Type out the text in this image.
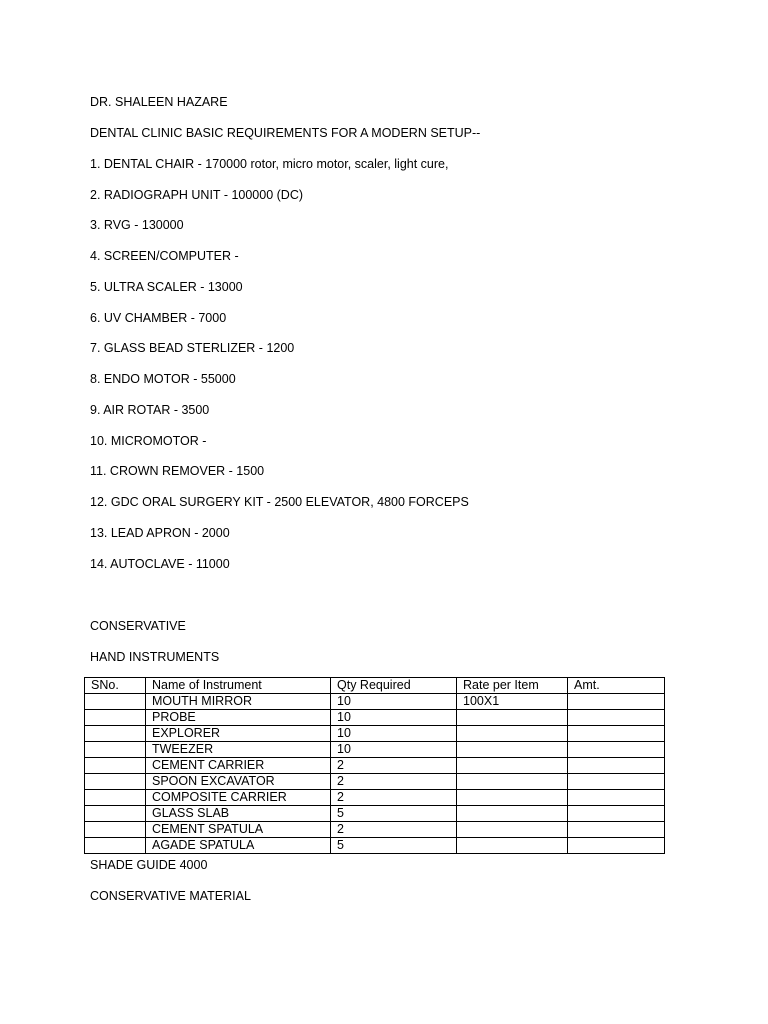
DR. SHALEEN HAZARE
DENTAL CLINIC BASIC REQUIREMENTS FOR A MODERN SETUP--
1. DENTAL CHAIR - 170000 rotor, micro motor, scaler, light cure,
2. RADIOGRAPH UNIT - 100000 (DC)
3. RVG - 130000
4. SCREEN/COMPUTER -
5. ULTRA SCALER - 13000
6. UV CHAMBER - 7000
7. GLASS BEAD STERLIZER - 1200
8. ENDO MOTOR - 55000
9. AIR ROTAR - 3500
10. MICROMOTOR -
11. CROWN REMOVER - 1500
12. GDC ORAL SURGERY KIT - 2500 ELEVATOR, 4800 FORCEPS
13. LEAD APRON - 2000
14. AUTOCLAVE - 11000
CONSERVATIVE
HAND INSTRUMENTS
SNo.	Name of Instrument	Qty Required	Rate per Item	Amt.
	MOUTH MIRROR	10	100X1	
	PROBE	10		
	EXPLORER	10		
	TWEEZER	10		
	CEMENT CARRIER	2		
	SPOON EXCAVATOR	2		
	COMPOSITE CARRIER	2		
	GLASS SLAB	5		
	CEMENT SPATULA	2		
	AGADE SPATULA	5		
SHADE GUIDE 4000
CONSERVATIVE MATERIAL
